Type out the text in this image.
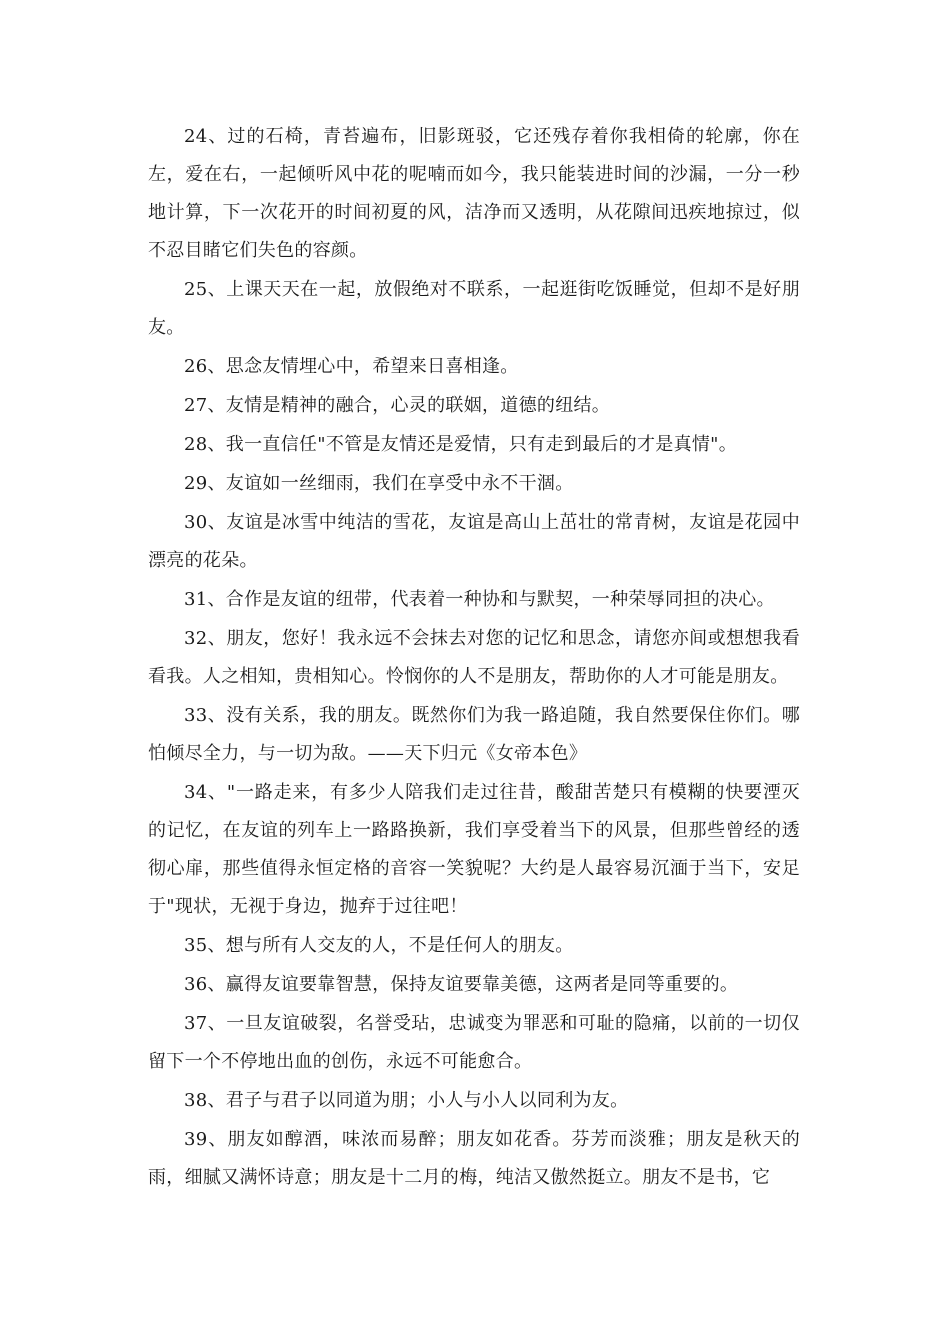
24、过的石椅，青苔遍布，旧影斑驳，它还残存着你我相倚的轮廓，你在左，爱在右，一起倾听风中花的呢喃而如今，我只能装进时间的沙漏，一分一秒地计算，下一次花开的时间初夏的风，洁净而又透明，从花隙间迅疾地掠过，似不忍目睹它们失色的容颜。

25、上课天天在一起，放假绝对不联系，一起逛街吃饭睡觉，但却不是好朋友。

26、思念友情埋心中，希望来日喜相逢。

27、友情是精神的融合，心灵的联姻，道德的纽结。

28、我一直信任"不管是友情还是爱情，只有走到最后的才是真情"。

29、友谊如一丝细雨，我们在享受中永不干涸。

30、友谊是冰雪中纯洁的雪花，友谊是高山上茁壮的常青树，友谊是花园中漂亮的花朵。

31、合作是友谊的纽带，代表着一种协和与默契，一种荣辱同担的决心。

32、朋友，您好！我永远不会抹去对您的记忆和思念，请您亦间或想想我看看我。人之相知，贵相知心。怜悯你的人不是朋友，帮助你的人才可能是朋友。

33、没有关系，我的朋友。既然你们为我一路追随，我自然要保住你们。哪怕倾尽全力，与一切为敌。——天下归元《女帝本色》

34、"一路走来，有多少人陪我们走过往昔，酸甜苦楚只有模糊的快要湮灭的记忆，在友谊的列车上一路路换新，我们享受着当下的风景，但那些曾经的透彻心扉，那些值得永恒定格的音容一笑貌呢？大约是人最容易沉湎于当下，安足于"现状，无视于身边，抛弃于过往吧！

35、想与所有人交友的人，不是任何人的朋友。

36、赢得友谊要靠智慧，保持友谊要靠美德，这两者是同等重要的。

37、一旦友谊破裂，名誉受玷，忠诚变为罪恶和可耻的隐痛，以前的一切仅留下一个不停地出血的创伤，永远不可能愈合。

38、君子与君子以同道为朋；小人与小人以同利为友。

39、朋友如醇酒，味浓而易醉；朋友如花香。芬芳而淡雅；朋友是秋天的雨，细腻又满怀诗意；朋友是十二月的梅，纯洁又傲然挺立。朋友不是书，它
